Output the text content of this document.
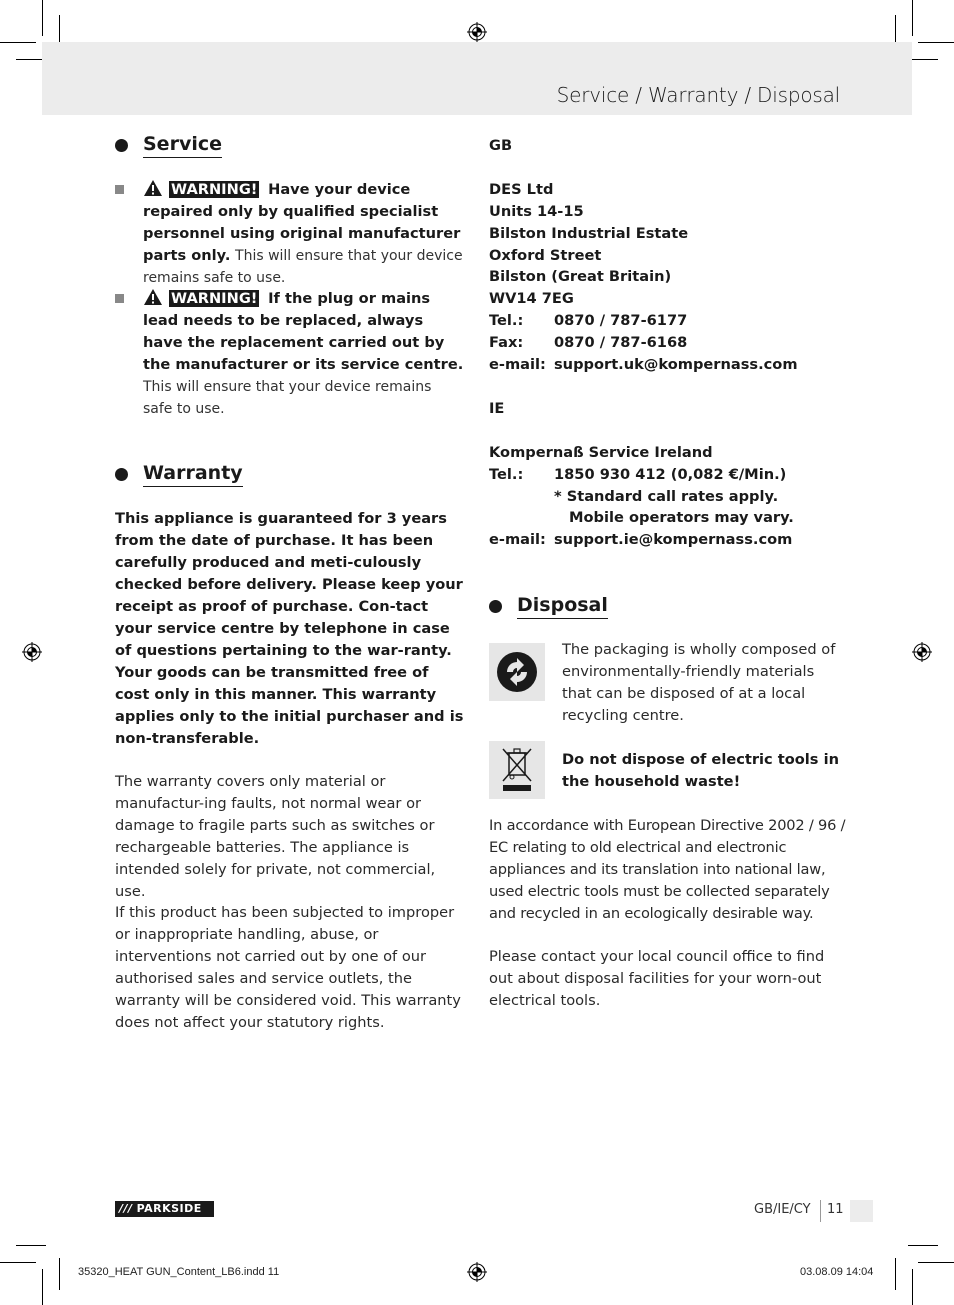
Service / Warranty / Disposal
Service
WARNING! Have your device repaired only by qualified specialist personnel using original manufacturer parts only. This will ensure that your device remains safe to use.
WARNING! If the plug or mains lead needs to be replaced, always have the replacement carried out by the manufacturer or its service centre. This will ensure that your device remains safe to use.
Warranty
This appliance is guaranteed for 3 years from the date of purchase. It has been carefully produced and meti-culously checked before delivery. Please keep your receipt as proof of purchase. Con-tact your service centre by telephone in case of questions pertaining to the war-ranty. Your goods can be transmitted free of cost only in this manner. This warranty applies only to the initial purchaser and is non-transferable.
The warranty covers only material or manufactur-ing faults, not normal wear or damage to fragile parts such as switches or rechargeable batteries. The appliance is intended solely for private, not commercial, use.
If this product has been subjected to improper or inappropriate handling, abuse, or interventions not carried out by one of our authorised sales and service outlets, the warranty will be considered void. This warranty does not affect your statutory rights.
GB

DES Ltd
Units 14-15
Bilston Industrial Estate
Oxford Street
Bilston (Great Britain)
WV14 7EG
Tel.: 0870 / 787-6177
Fax: 0870 / 787-6168
e-mail: support.uk@kompernass.com

IE

Kompernaß Service Ireland
Tel.: 1850 930 412 (0,082 €/Min.)
* Standard call rates apply.
Mobile operators may vary.
e-mail: support.ie@kompernass.com
Disposal
The packaging is wholly composed of environmentally-friendly materials that can be disposed of at a local recycling centre.
Do not dispose of electric tools in the household waste!
In accordance with European Directive 2002 / 96 / EC relating to old electrical and electronic appliances and its translation into national law, used electric tools must be collected separately and recycled in an ecologically desirable way.
Please contact your local council office to find out about disposal facilities for your worn-out electrical tools.
/// PARKSIDE	GB/IE/CY 11
35320_HEAT GUN_Content_LB6.indd 11	03.08.09 14:04
